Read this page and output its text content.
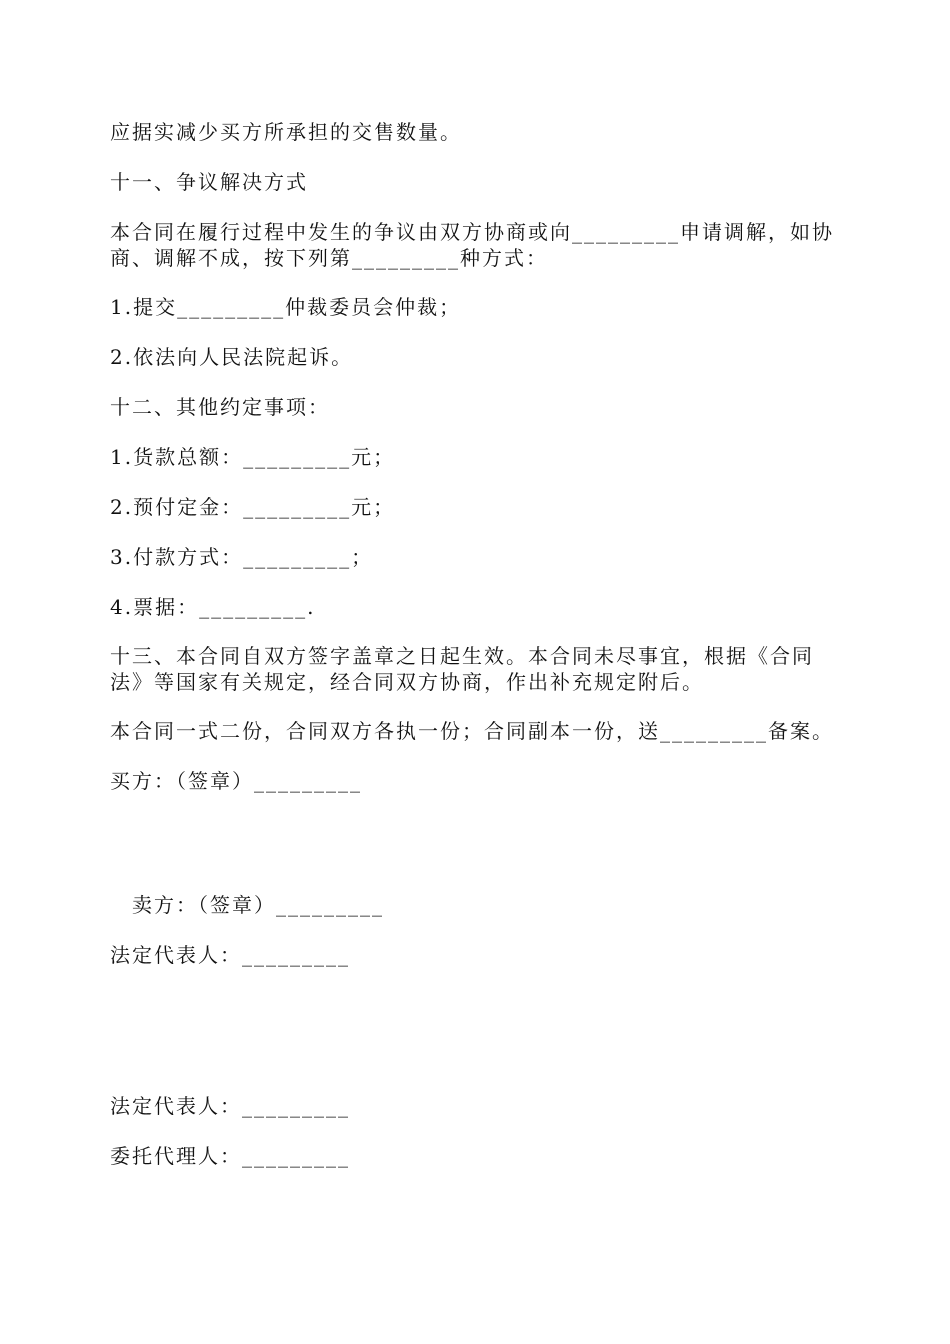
应据实减少买方所承担的交售数量。
十一、争议解决方式
本合同在履行过程中发生的争议由双方协商或向_________申请调解，如协商、调解不成，按下列第_________种方式：
1.提交_________仲裁委员会仲裁；
2.依法向人民法院起诉。
十二、其他约定事项：
1.货款总额：_________元；
2.预付定金：_________元；
3.付款方式：_________；
4.票据：_________.
十三、本合同自双方签字盖章之日起生效。本合同未尽事宜，根据《合同法》等国家有关规定，经合同双方协商，作出补充规定附后。
本合同一式二份，合同双方各执一份；合同副本一份，送_________备案。
买方：（签章）_________
卖方：（签章）_________
法定代表人：_________
法定代表人：_________
委托代理人：_________
